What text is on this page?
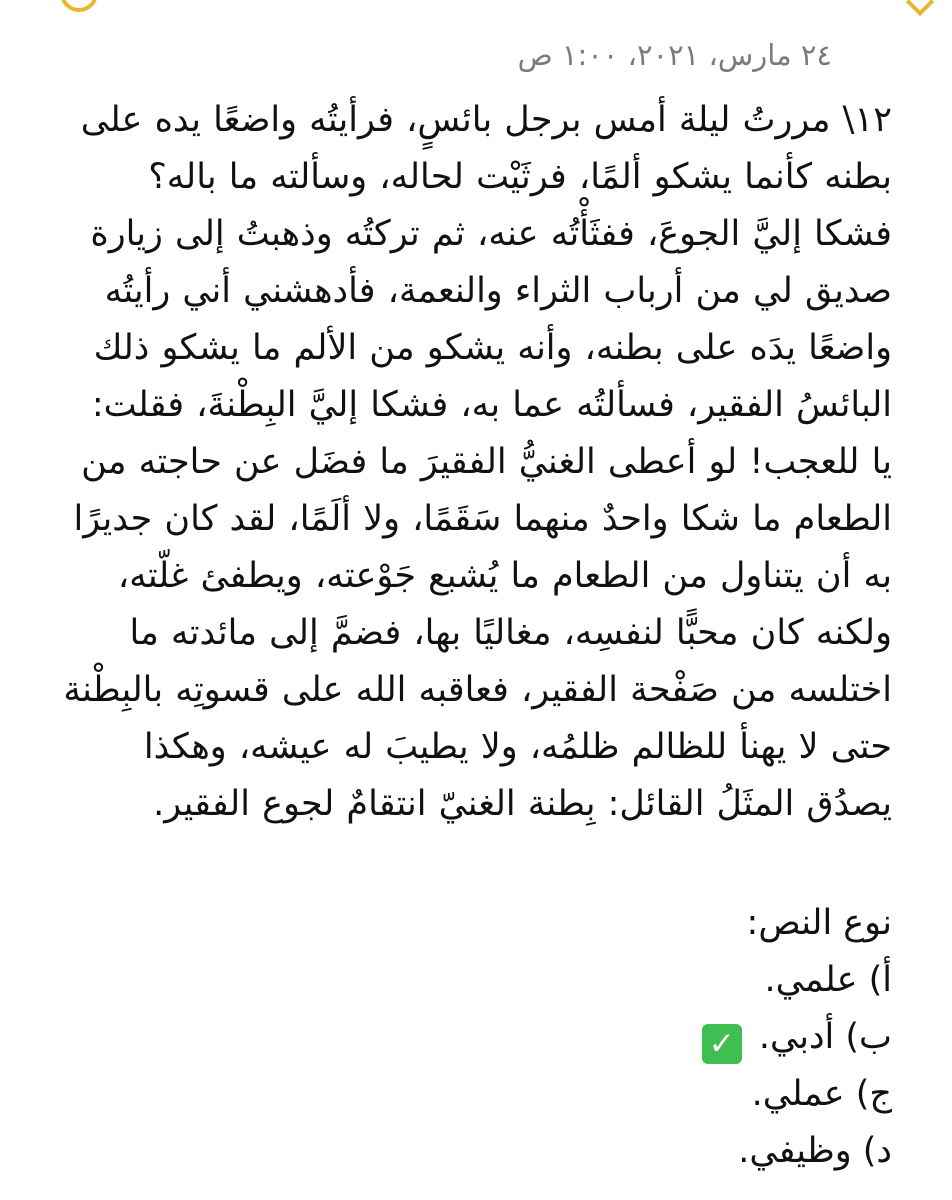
٢٤ مارس، ٢٠٢١، ١:٠٠ ص

١٢\ مررتُ ليلة أمس برجل بائسٍ، فرأيتُه واضعًا يده على بطنه كأنما يشكو ألمًا، فرثَيْت لحاله، وسألته ما باله؟ فشكا إليَّ الجوعَ، ففثَأْتُه عنه، ثم تركتُه وذهبتُ إلى زيارة صديق لي من أرباب الثراء والنعمة، فأدهشني أني رأيتُه واضعًا يدَه على بطنه، وأنه يشكو من الألم ما يشكو ذلك البائسُ الفقير، فسألتُه عما به، فشكا إليَّ البِطْنةَ، فقلت: يا للعجب! لو أعطى الغنيُّ الفقيرَ ما فضَل عن حاجته من الطعام ما شكا واحدٌ منهما سَقَمًا، ولا ألَمًا، لقد كان جديرًا به أن يتناول من الطعام ما يُشبع جَوْعته، ويطفئ غلّته، ولكنه كان محبًّا لنفسِه، مغاليًا بها، فضمَّ إلى مائدته ما اختلسه من صَفْحة الفقير، فعاقبه الله على قسوتِه بالبِطْنة حتى لا يهنأ للظالم ظلمُه، ولا يطيبَ له عيشه، وهكذا يصدُق المثَلُ القائل: بِطنة الغنيّ انتقامٌ لجوع الفقير.

نوع النص:

أ) علمي.

ب) أدبي. ✓

ج) عملي.

د) وظيفي.
